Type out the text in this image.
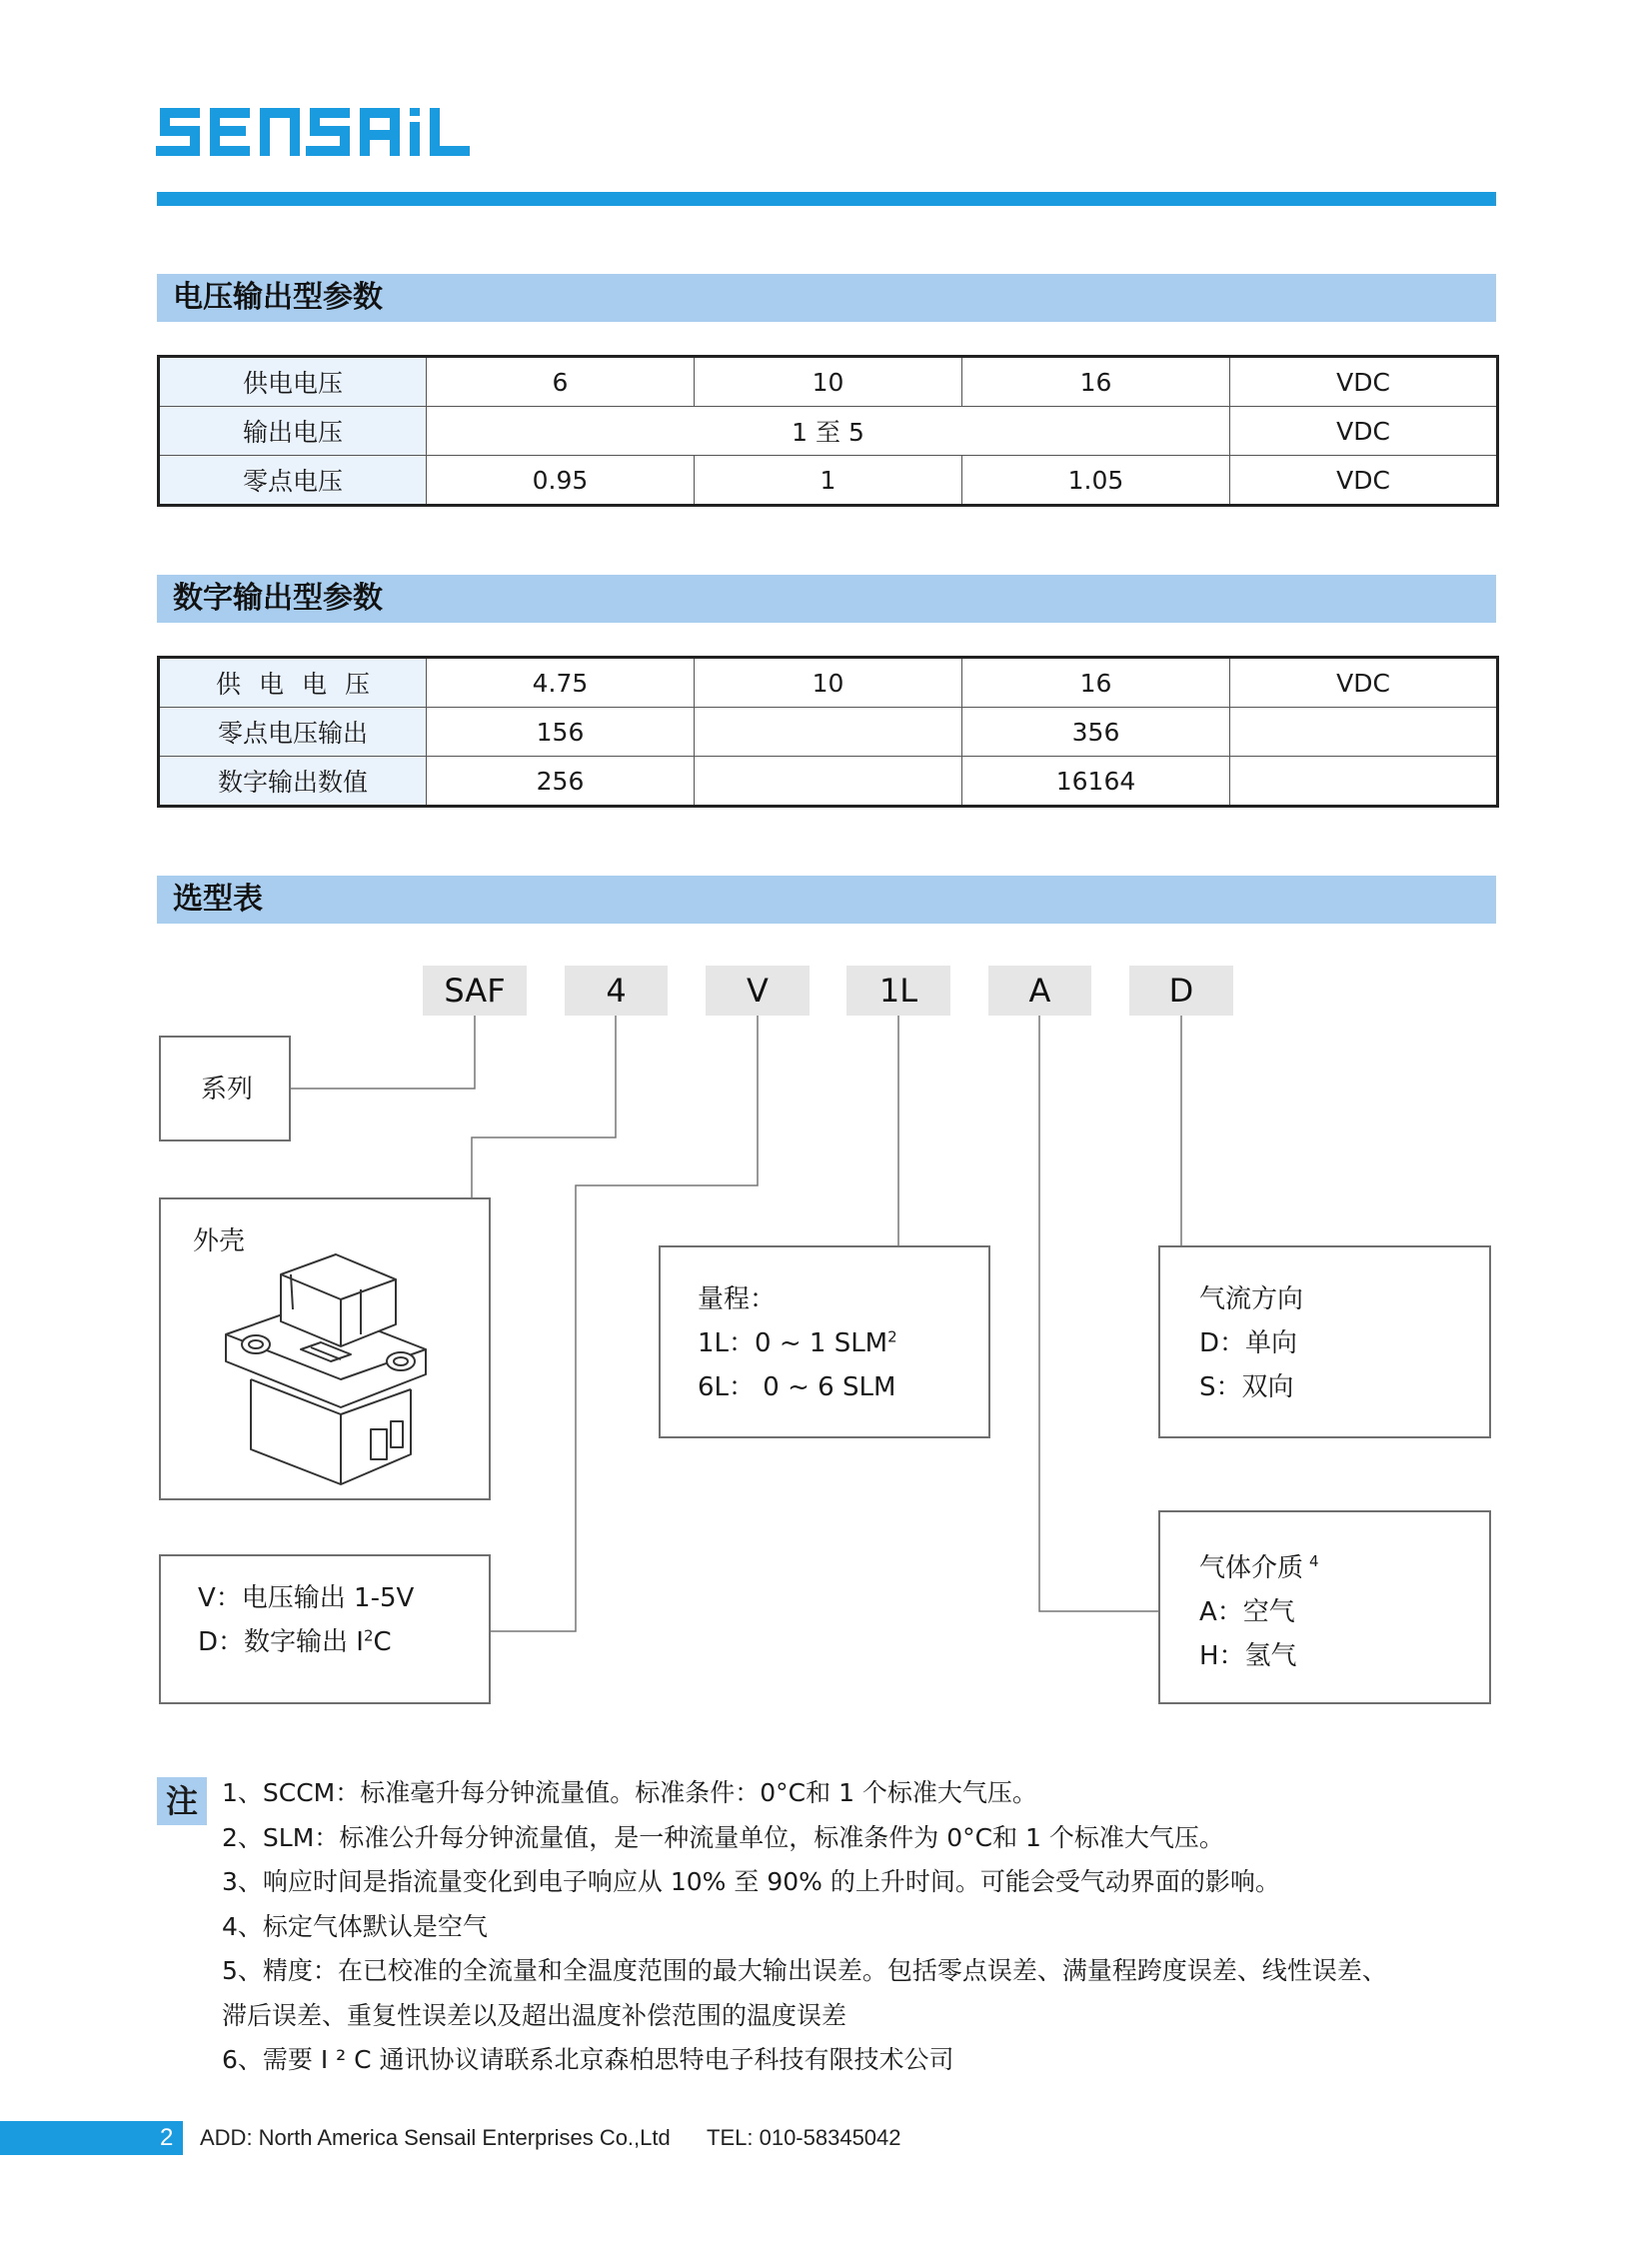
电压输出型参数
供电电压	6	10	16	VDC
输出电压	1 至 5			VDC
零点电压	0.95	1	1.05	VDC
数字输出型参数
供电电压	4.75	10	16	VDC
零点电压输出	156		356	
数字输出数值	256		16164	
选型表
SAF	4	V	1L	A	D
系列
外壳
V：电压输出 1-5V
D：数字输出 $I^2C$
量程：
1L：0 ~ 1 SLM$^2$
6L： 0 ~ 6 SLM
气流方向
D：单向
S：双向
气体介质 $^4$
A：空气
H：氢气
注 1、SCCM：标准毫升每分钟流量值。标准条件：0°C和 1 个标准大气压。
2、SLM：标准公升每分钟流量值，是一种流量单位，标准条件为 0°C和 1 个标准大气压。
3、响应时间是指流量变化到电子响应从 10% 至 90% 的上升时间。可能会受气动界面的影响。
4、标定气体默认是空气
5、精度：在已校准的全流量和全温度范围的最大输出误差。包括零点误差、满量程跨度误差、线性误差、
滞后误差、重复性误差以及超出温度补偿范围的温度误差
6、需要 I ² C 通讯协议请联系北京森柏思特电子科技有限技术公司
2 ADD: North America Sensail Enterprises Co.,Ltd      TEL: 010-58345042
